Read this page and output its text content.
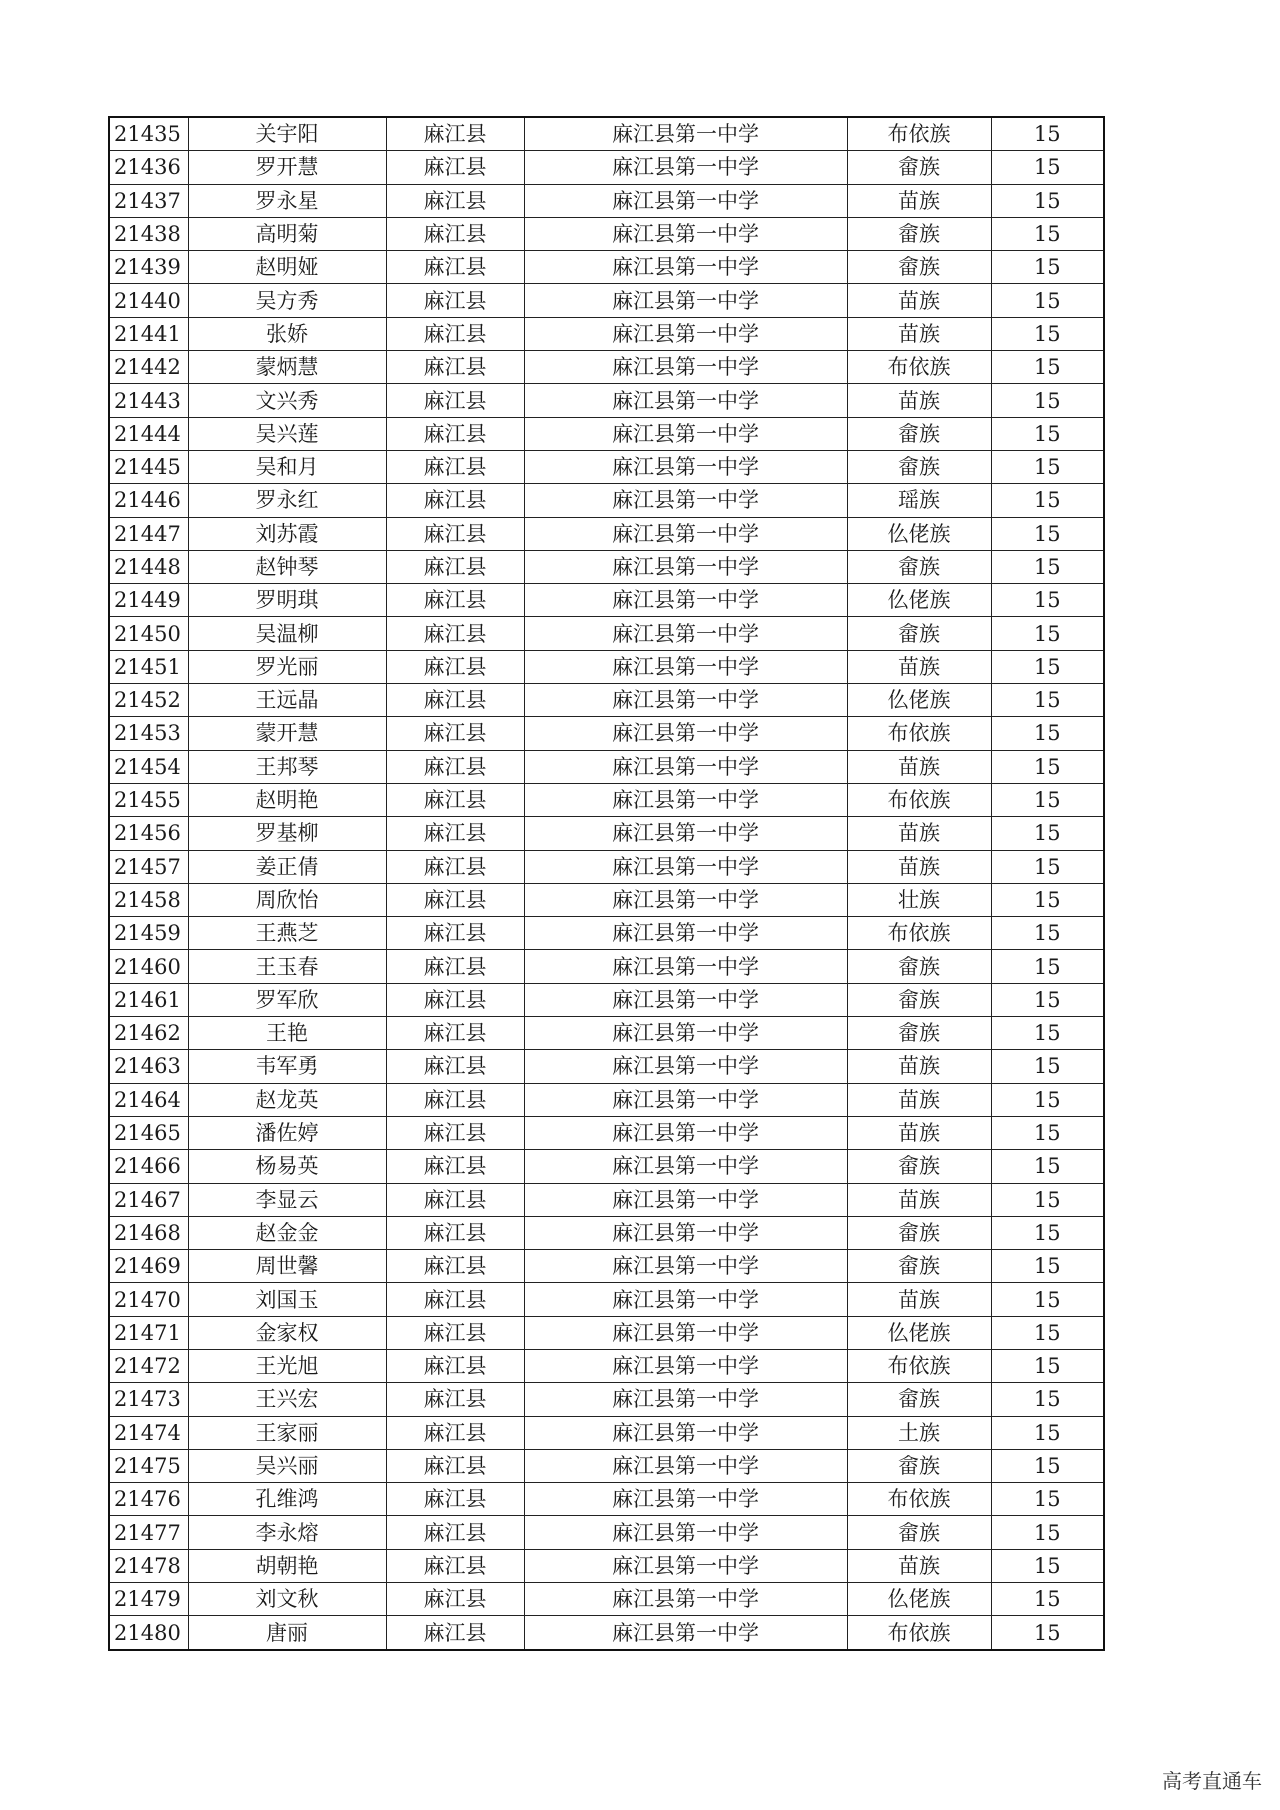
21435	关宇阳	麻江县	麻江县第一中学	布依族	15
21436	罗开慧	麻江县	麻江县第一中学	畲族	15
21437	罗永星	麻江县	麻江县第一中学	苗族	15
21438	高明菊	麻江县	麻江县第一中学	畲族	15
21439	赵明娅	麻江县	麻江县第一中学	畲族	15
21440	吴方秀	麻江县	麻江县第一中学	苗族	15
21441	张娇	麻江县	麻江县第一中学	苗族	15
21442	蒙炳慧	麻江县	麻江县第一中学	布依族	15
21443	文兴秀	麻江县	麻江县第一中学	苗族	15
21444	吴兴莲	麻江县	麻江县第一中学	畲族	15
21445	吴和月	麻江县	麻江县第一中学	畲族	15
21446	罗永红	麻江县	麻江县第一中学	瑶族	15
21447	刘苏霞	麻江县	麻江县第一中学	仫佬族	15
21448	赵钟琴	麻江县	麻江县第一中学	畲族	15
21449	罗明琪	麻江县	麻江县第一中学	仫佬族	15
21450	吴温柳	麻江县	麻江县第一中学	畲族	15
21451	罗光丽	麻江县	麻江县第一中学	苗族	15
21452	王远晶	麻江县	麻江县第一中学	仫佬族	15
21453	蒙开慧	麻江县	麻江县第一中学	布依族	15
21454	王邦琴	麻江县	麻江县第一中学	苗族	15
21455	赵明艳	麻江县	麻江县第一中学	布依族	15
21456	罗基柳	麻江县	麻江县第一中学	苗族	15
21457	姜正倩	麻江县	麻江县第一中学	苗族	15
21458	周欣怡	麻江县	麻江县第一中学	壮族	15
21459	王燕芝	麻江县	麻江县第一中学	布依族	15
21460	王玉春	麻江县	麻江县第一中学	畲族	15
21461	罗军欣	麻江县	麻江县第一中学	畲族	15
21462	王艳	麻江县	麻江县第一中学	畲族	15
21463	韦军勇	麻江县	麻江县第一中学	苗族	15
21464	赵龙英	麻江县	麻江县第一中学	苗族	15
21465	潘佐婷	麻江县	麻江县第一中学	苗族	15
21466	杨易英	麻江县	麻江县第一中学	畲族	15
21467	李显云	麻江县	麻江县第一中学	苗族	15
21468	赵金金	麻江县	麻江县第一中学	畲族	15
21469	周世馨	麻江县	麻江县第一中学	畲族	15
21470	刘国玉	麻江县	麻江县第一中学	苗族	15
21471	金家权	麻江县	麻江县第一中学	仫佬族	15
21472	王光旭	麻江县	麻江县第一中学	布依族	15
21473	王兴宏	麻江县	麻江县第一中学	畲族	15
21474	王家丽	麻江县	麻江县第一中学	土族	15
21475	吴兴丽	麻江县	麻江县第一中学	畲族	15
21476	孔维鸿	麻江县	麻江县第一中学	布依族	15
21477	李永熔	麻江县	麻江县第一中学	畲族	15
21478	胡朝艳	麻江县	麻江县第一中学	苗族	15
21479	刘文秋	麻江县	麻江县第一中学	仫佬族	15
21480	唐丽	麻江县	麻江县第一中学	布依族	15
高考直通车
